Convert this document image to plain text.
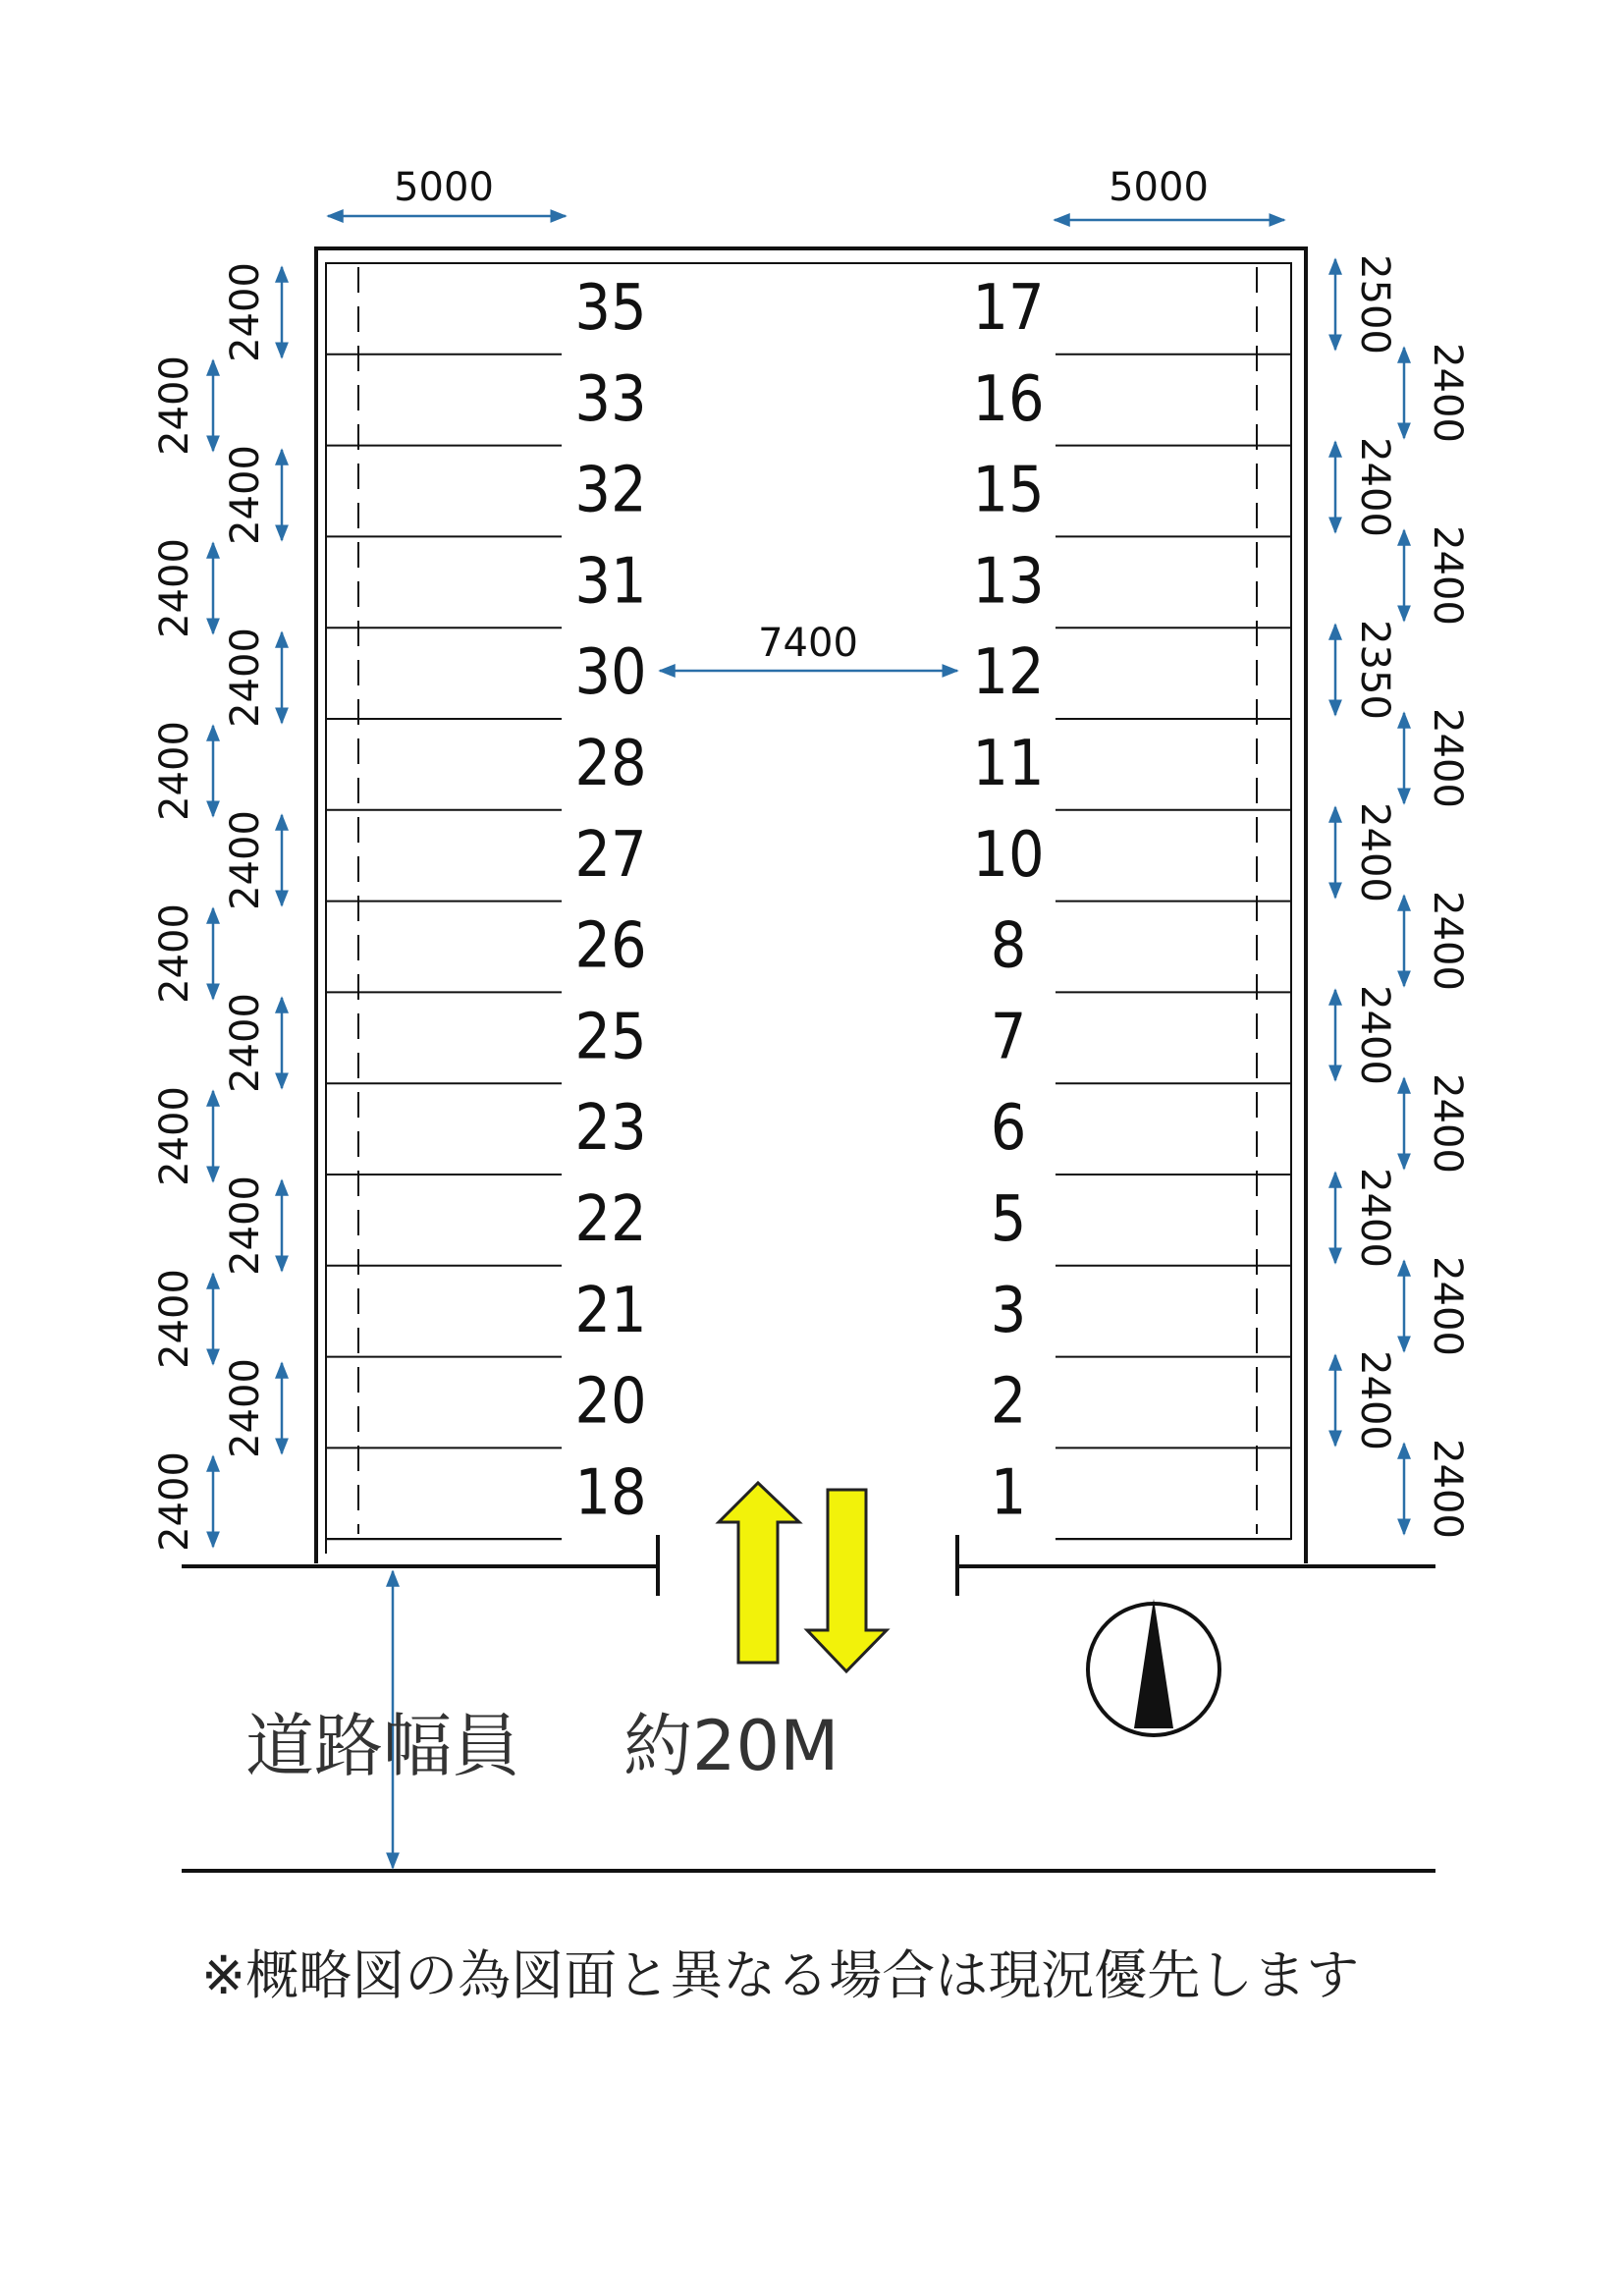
35
33
32
31
30
28
27
26
25
23
22
21
20
18
17
16
15
13
12
11
10
8
7
6
5
3
2
1
2400
2400
2400
2400
2400
2400
2400
2400
2400
2400
2400
2400
2400
2400
2500
2400
2350
2400
2400
2400
2400
2400
2400
2400
2400
2400
2400
2400
5000	5000
7400
道路幅員 約20M
※概略図の為図面と異なる場合は現況優先します
